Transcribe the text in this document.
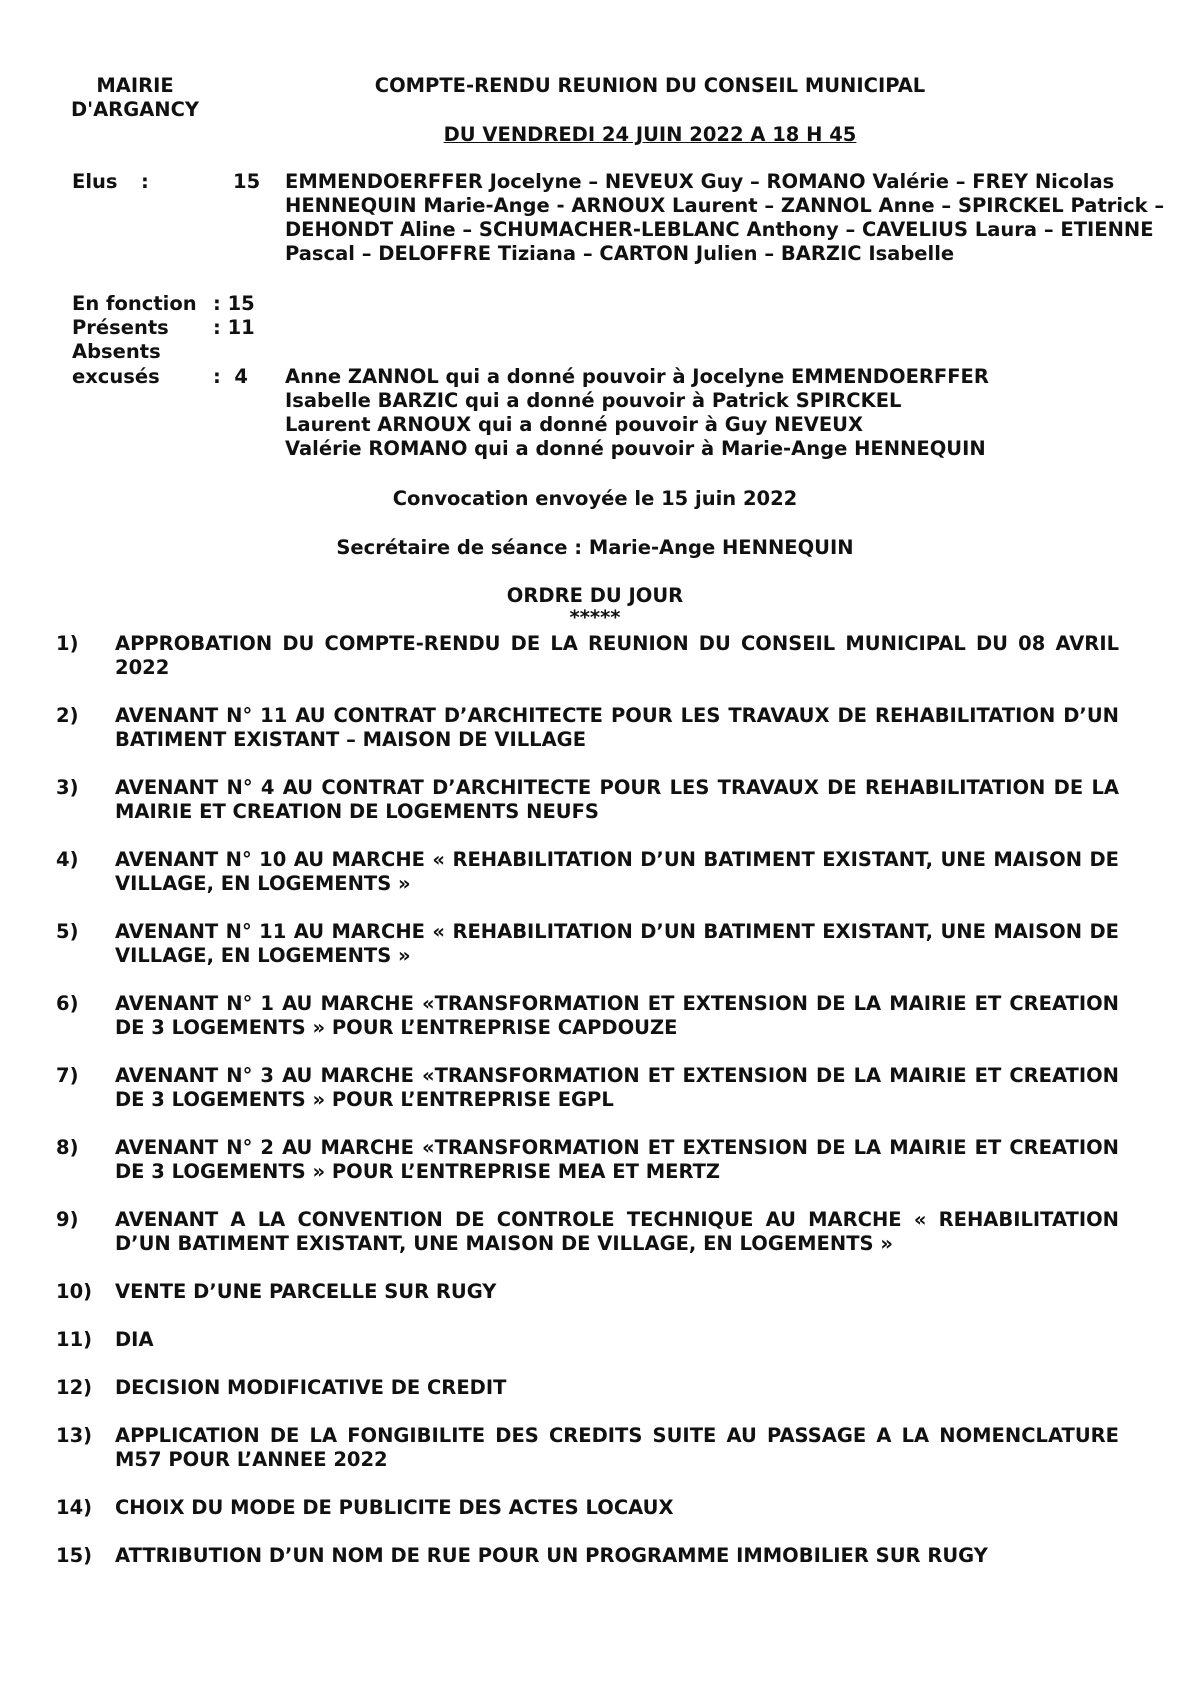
MAIRIE
D'ARGANCY
COMPTE-RENDU REUNION DU CONSEIL MUNICIPAL
DU VENDREDI 24 JUIN 2022 A 18 H 45
Elus :	15 EMMENDOERFFER Jocelyne – NEVEUX Guy – ROMANO Valérie – FREY Nicolas HENNEQUIN Marie-Ange - ARNOUX Laurent – ZANNOL Anne – SPIRCKEL Patrick – DEHONDT Aline – SCHUMACHER-LEBLANC Anthony – CAVELIUS Laura – ETIENNE Pascal – DELOFFRE Tiziana – CARTON Julien – BARZIC Isabelle
En fonction : 15
Présents : 11
Absents
excusés	:  4 Anne ZANNOL qui a donné pouvoir à Jocelyne EMMENDOERFFER
Isabelle BARZIC qui a donné pouvoir à Patrick SPIRCKEL
Laurent ARNOUX qui a donné pouvoir à Guy NEVEUX
Valérie ROMANO qui a donné pouvoir à Marie-Ange HENNEQUIN
Convocation envoyée le 15 juin 2022
Secrétaire de séance : Marie-Ange HENNEQUIN
ORDRE DU JOUR
*****
1)	APPROBATION DU COMPTE-RENDU DE LA REUNION DU CONSEIL MUNICIPAL DU 08 AVRIL 2022
2)	AVENANT N° 11 AU CONTRAT D’ARCHITECTE POUR LES TRAVAUX DE REHABILITATION D’UN BATIMENT EXISTANT – MAISON DE VILLAGE
3)	AVENANT N° 4 AU CONTRAT D’ARCHITECTE POUR LES TRAVAUX DE REHABILITATION DE LA MAIRIE ET CREATION DE LOGEMENTS NEUFS
4)	AVENANT N° 10 AU MARCHE « REHABILITATION D’UN BATIMENT EXISTANT, UNE MAISON DE VILLAGE, EN LOGEMENTS »
5)	AVENANT N° 11 AU MARCHE « REHABILITATION D’UN BATIMENT EXISTANT, UNE MAISON DE VILLAGE, EN LOGEMENTS »
6)	AVENANT N° 1 AU MARCHE «TRANSFORMATION ET EXTENSION DE LA MAIRIE ET CREATION DE 3 LOGEMENTS » POUR L’ENTREPRISE CAPDOUZE
7)	AVENANT N° 3 AU MARCHE «TRANSFORMATION ET EXTENSION DE LA MAIRIE ET CREATION DE 3 LOGEMENTS » POUR L’ENTREPRISE EGPL
8)	AVENANT N° 2 AU MARCHE «TRANSFORMATION ET EXTENSION DE LA MAIRIE ET CREATION DE 3 LOGEMENTS » POUR L’ENTREPRISE MEA ET MERTZ
9)	AVENANT A LA CONVENTION DE CONTROLE TECHNIQUE AU MARCHE « REHABILITATION D’UN BATIMENT EXISTANT, UNE MAISON DE VILLAGE, EN LOGEMENTS »
10)	VENTE D’UNE PARCELLE SUR RUGY
11)	DIA
12)	DECISION MODIFICATIVE DE CREDIT
13)	APPLICATION DE LA FONGIBILITE DES CREDITS SUITE AU PASSAGE A LA NOMENCLATURE M57 POUR L’ANNEE 2022
14)	CHOIX DU MODE DE PUBLICITE DES ACTES LOCAUX
15)	ATTRIBUTION D’UN NOM DE RUE POUR UN PROGRAMME IMMOBILIER SUR RUGY
